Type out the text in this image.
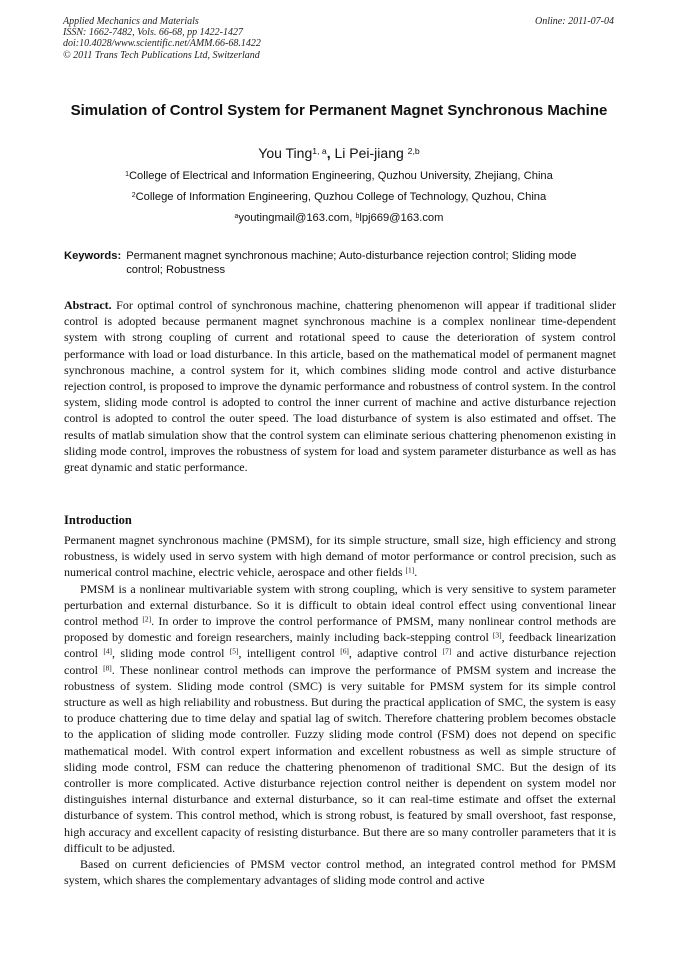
Applied Mechanics and Materials
ISSN: 1662-7482, Vols. 66-68, pp 1422-1427
doi:10.4028/www.scientific.net/AMM.66-68.1422
© 2011 Trans Tech Publications Ltd, Switzerland
Online: 2011-07-04
Simulation of Control System for Permanent Magnet Synchronous Machine
You Ting$^{1, a}$, Li Pei-jiang $^{2,b}$
$^1$College of Electrical and Information Engineering, Quzhou University, Zhejiang, China
$^2$College of Information Engineering, Quzhou College of Technology, Quzhou, China
$^a$youtingmail@163.com, $^b$lpj669@163.com
Keywords: Permanent magnet synchronous machine; Auto-disturbance rejection control; Sliding mode control; Robustness
Abstract. For optimal control of synchronous machine, chattering phenomenon will appear if traditional slider control is adopted because permanent magnet synchronous machine is a complex nonlinear time-dependent system with strong coupling of current and rotational speed to cause the deterioration of system control performance with load or load disturbance. In this article, based on the mathematical model of permanent magnet synchronous machine, a control system for it, which combines sliding mode control and active disturbance rejection control, is proposed to improve the dynamic performance and robustness of control system. In the control system, sliding mode control is adopted to control the inner current of machine and active disturbance rejection control is adopted to control the outer speed. The load disturbance of system is also estimated and offset. The results of matlab simulation show that the control system can eliminate serious chattering phenomenon existing in sliding mode control, improves the robustness of system for load and system parameter disturbance as well as has great dynamic and static performance.
Introduction

Permanent magnet synchronous machine (PMSM), for its simple structure, small size, high efficiency and strong robustness, is widely used in servo system with high demand of motor performance or control precision, such as numerical control machine, electric vehicle, aerospace and other fields [1].

PMSM is a nonlinear multivariable system with strong coupling, which is very sensitive to system parameter perturbation and external disturbance. So it is difficult to obtain ideal control effect using conventional linear control method [2]. In order to improve the control performance of PMSM, many nonlinear control methods are proposed by domestic and foreign researchers, mainly including back-stepping control [3], feedback linearization control [4], sliding mode control [5], intelligent control [6], adaptive control [7] and active disturbance rejection control [8]. These nonlinear control methods can improve the performance of PMSM system and increase the robustness of system. Sliding mode control (SMC) is very suitable for PMSM system for its simple control structure as well as high reliability and robustness. But during the practical application of SMC, the system is easy to produce chattering due to time delay and spatial lag of switch. Therefore chattering problem becomes obstacle to the application of sliding mode controller. Fuzzy sliding mode control (FSM) does not depend on specific mathematical model. With control expert information and excellent robustness as well as simple structure of sliding mode control, FSM can reduce the chattering phenomenon of traditional SMC. But the design of its controller is more complicated. Active disturbance rejection control neither is dependent on system model nor distinguishes internal disturbance and external disturbance, so it can real-time estimate and offset the external disturbance of system. This control method, which is strong robust, is featured by small overshoot, fast response, high accuracy and excellent capacity of resisting disturbance. But there are so many controller parameters that it is difficult to be adjusted.

Based on current deficiencies of PMSM vector control method, an integrated control method for PMSM system, which shares the complementary advantages of sliding mode control and active
